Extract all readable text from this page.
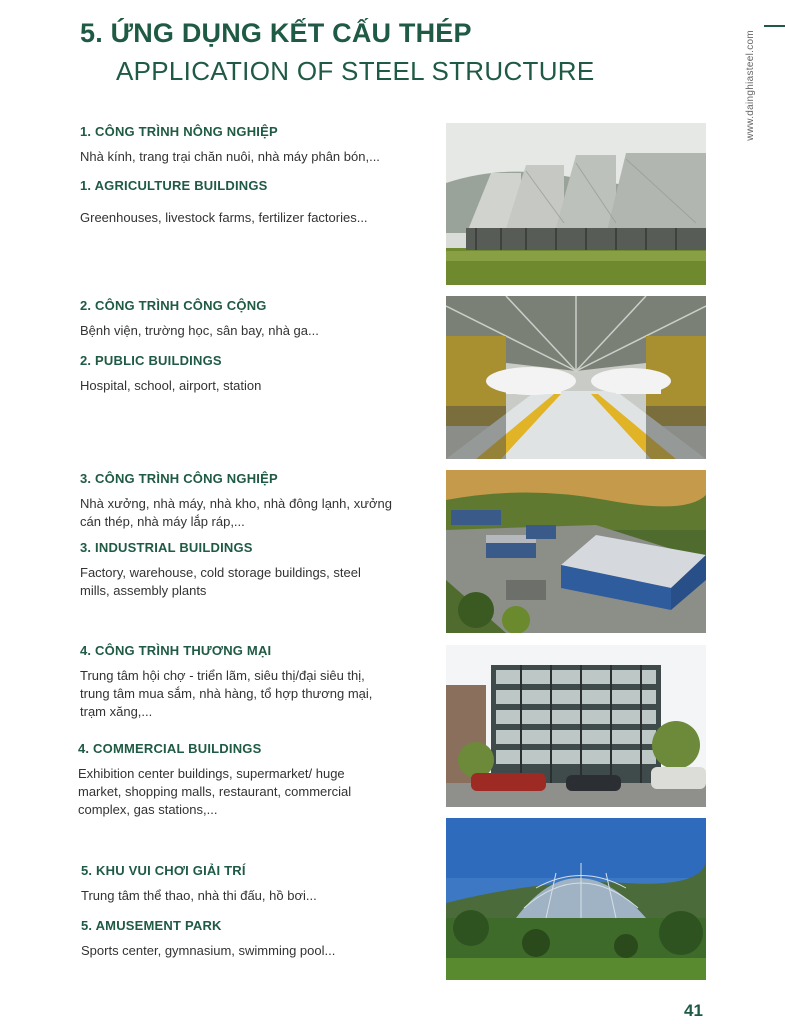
5. ỨNG DỤNG KẾT CẤU THÉP
APPLICATION OF STEEL STRUCTURE	www.dainghiasteel.com

1. CÔNG TRÌNH NÔNG NGHIỆP

Nhà kính, trang trại chăn nuôi, nhà máy phân bón,...

1. AGRICULTURE BUILDINGS

Greenhouses, livestock farms, fertilizer factories...

2. CÔNG TRÌNH CÔNG CỘNG

Bệnh viện, trường học, sân bay, nhà ga...

2. PUBLIC BUILDINGS

Hospital, school, airport, station

3. CÔNG TRÌNH CÔNG NGHIỆP

Nhà xưởng, nhà máy, nhà kho, nhà đông lạnh, xưởng cán thép, nhà máy lắp ráp,...

3. INDUSTRIAL BUILDINGS

Factory, warehouse, cold storage buildings, steel mills, assembly plants

4. CÔNG TRÌNH THƯƠNG MẠI

Trung tâm hội chợ - triển lãm, siêu thị/đại siêu thị, trung tâm mua sắm, nhà hàng, tổ hợp thương mại, trạm xăng,...

4. COMMERCIAL BUILDINGS

Exhibition center buildings, supermarket/ huge market, shopping malls, restaurant, commercial complex, gas stations,...

5. KHU VUI CHƠI GIẢI TRÍ

Trung tâm thể thao, nhà thi đấu, hồ bơi...

5. AMUSEMENT PARK

Sports center, gymnasium, swimming pool...

41
